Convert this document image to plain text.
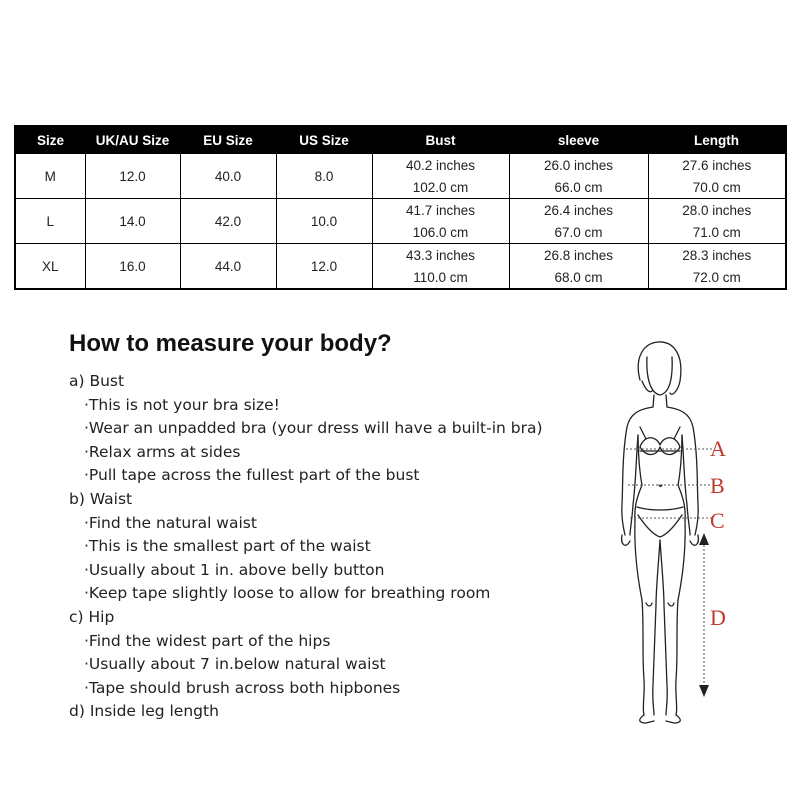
Size	UK/AU Size	EU Size	US Size	Bust	sleeve	Length
M	12.0	40.0	8.0	40.2 inches	26.0 inches	27.6 inches
				102.0 cm	66.0 cm	70.0 cm
L	14.0	42.0	10.0	41.7 inches	26.4 inches	28.0 inches
				106.0 cm	67.0 cm	71.0 cm
XL	16.0	44.0	12.0	43.3 inches	26.8 inches	28.3 inches
				110.0 cm	68.0 cm	72.0 cm
How to measure your body?
a) Bust
·This is not your bra size!
·Wear an unpadded bra (your dress will have a built-in bra)
·Relax arms at sides
·Pull tape across the fullest part of the bust
b) Waist
·Find the natural waist
·This is the smallest part of the waist
·Usually about 1 in. above belly button
·Keep tape slightly loose to allow for breathing room
c) Hip
·Find the widest part of the hips
·Usually about 7 in.below natural waist
·Tape should brush across both hipbones
d) Inside leg length
A
B
C
D
